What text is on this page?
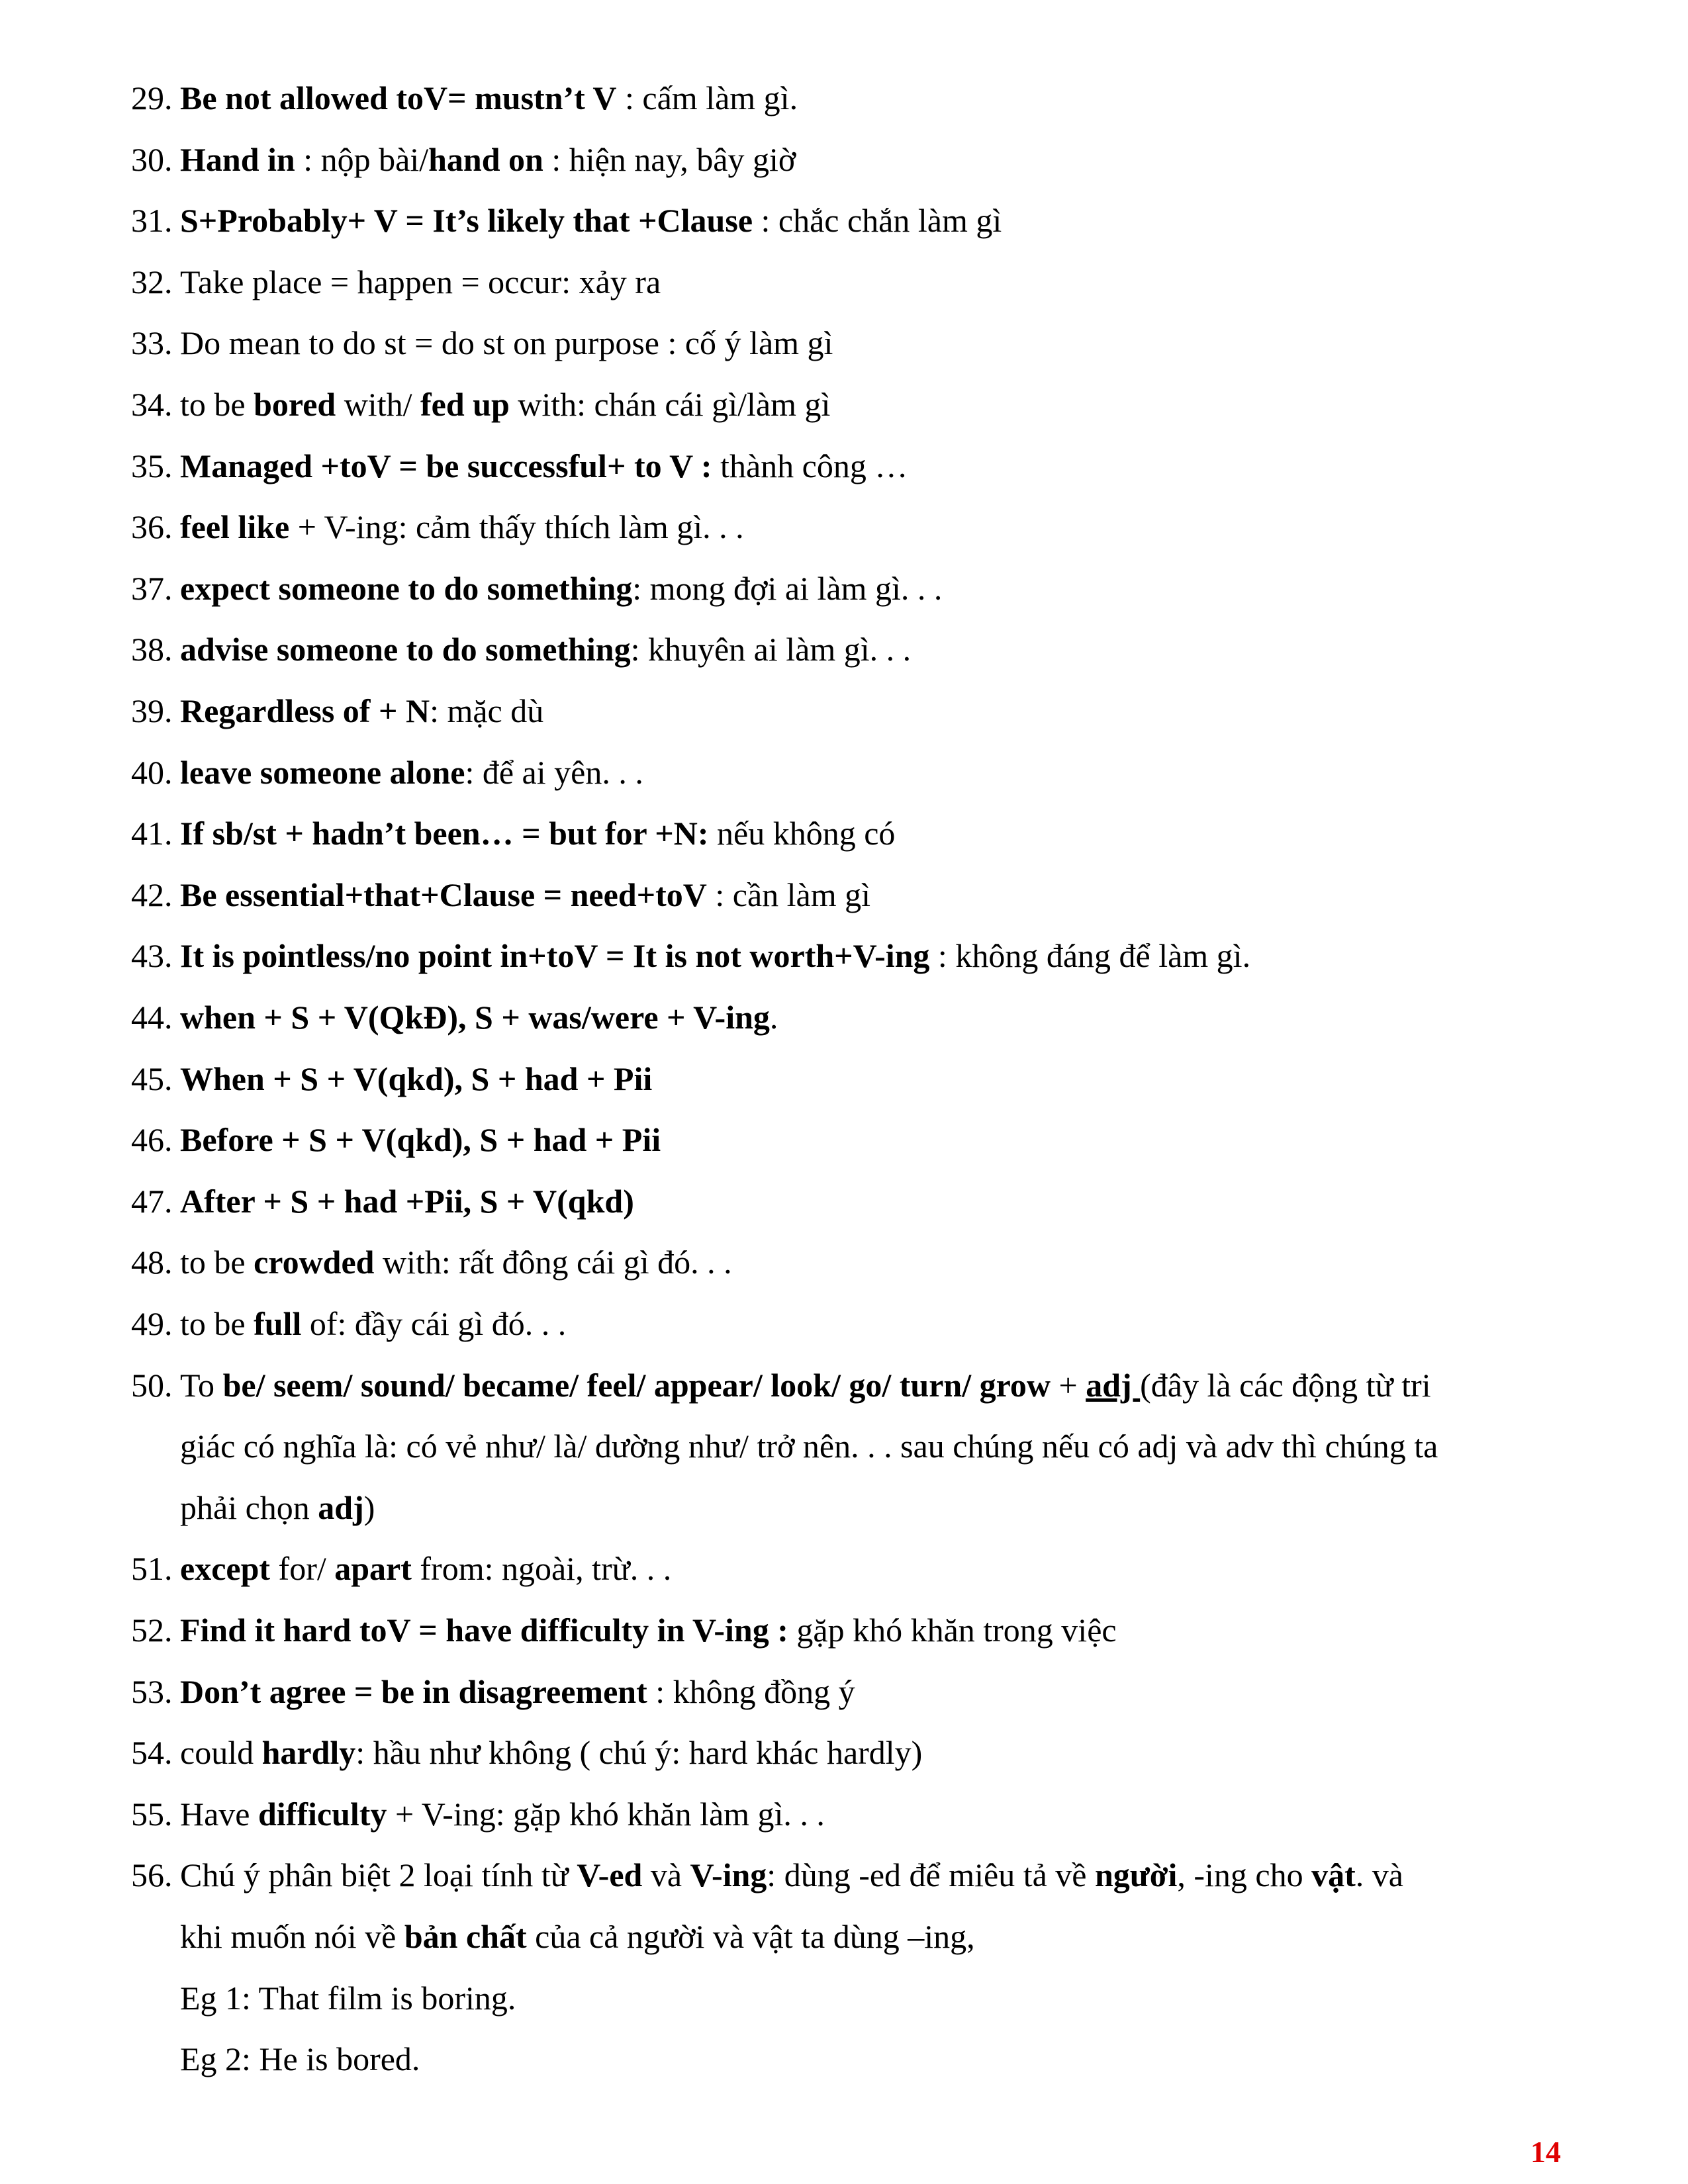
29. Be not allowed toV= mustn’t V : cấm làm gì.
30. Hand in : nộp bài/hand on : hiện nay, bây giờ
31. S+Probably+ V = It’s likely that +Clause : chắc chắn làm gì
32. Take place = happen = occur: xảy ra
33. Do mean to do st = do st on purpose : cố ý làm gì
34. to be bored with/ fed up with: chán cái gì/làm gì
35. Managed +toV = be successful+ to V : thành công …
36. feel like + V-ing: cảm thấy thích làm gì. . .
37. expect someone to do something: mong đợi ai làm gì. . .
38. advise someone to do something: khuyên ai làm gì. . .
39. Regardless of + N: mặc dù
40. leave someone alone: để ai yên. . .
41. If sb/st + hadn’t been… = but for +N: nếu không có
42. Be essential+that+Clause = need+toV : cần làm gì
43. It is pointless/no point in+toV = It is not worth+V-ing : không đáng để làm gì.
44. when + S + V(QkĐ), S + was/were + V-ing.
45. When + S + V(qkd), S + had + Pii
46. Before + S + V(qkd), S + had + Pii
47. After + S + had +Pii, S + V(qkd)
48. to be crowded with: rất đông cái gì đó. . .
49. to be full of: đầy cái gì đó. . .
50. To be/ seem/ sound/ became/ feel/ appear/ look/ go/ turn/ grow + adj (đây là các động từ tri
giác có nghĩa là: có vẻ như/ là/ dường như/ trở nên. . . sau chúng nếu có adj và adv thì chúng ta
phải chọn adj)
51. except for/ apart from: ngoài, trừ. . .
52. Find it hard toV = have difficulty in V-ing : gặp khó khăn trong việc
53. Don’t agree = be in disagreement : không đồng ý
54. could hardly: hầu như không ( chú ý: hard khác hardly)
55. Have difficulty + V-ing: gặp khó khăn làm gì. . .
56. Chú ý phân biệt 2 loại tính từ V-ed và V-ing: dùng -ed để miêu tả về người, -ing cho vật. và
khi muốn nói về bản chất của cả người và vật ta dùng –ing,
Eg 1: That film is boring.
Eg 2: He is bored.
14
